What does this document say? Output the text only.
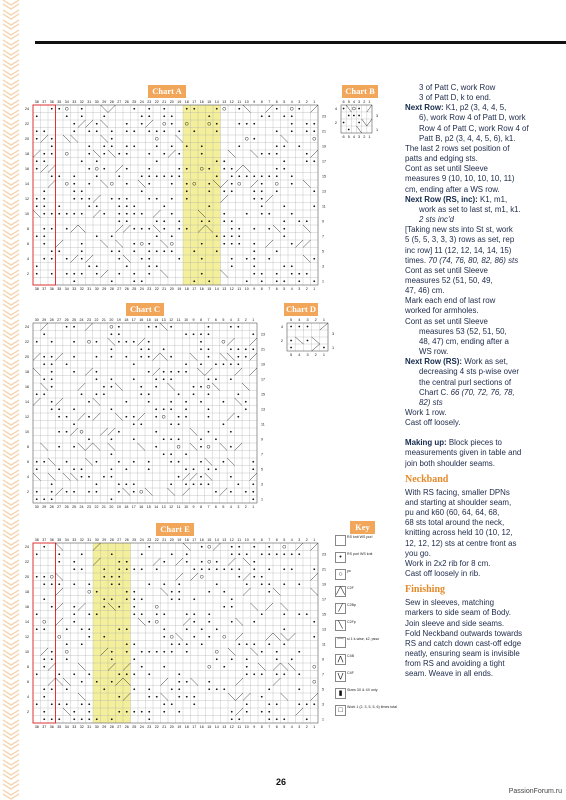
38
38
37
37
36
36
35
35
34
34
33
33
32
32
31
31
30
30
29
29
28
28
27
27
26
26
25
25
24
24
23
23
22
22
21
21
20
20
19
19
18
18
17
17
16
16
15
15
14
14
13
13
12
12
11
11
10
10
9
9
8
8
7
7
6
6
5
5
4
4
3
3
2
2
1
1
24
23
22
21
20
19
18
17
16
15
14
13
12
11
10
9
8
7
6
5
4
3
2
1
6
6
5
5
4
4
3
3
2
2
1
1
4
3
2
1
30
30
29
29
28
28
27
27
26
26
25
25
24
24
23
23
22
22
21
21
20
20
19
19
18
18
17
17
16
16
15
15
14
14
13
13
12
12
11
11
10
10
9
9
8
8
7
7
6
6
5
5
4
4
3
3
2
2
1
1
24
23
22
21
20
19
18
17
16
15
14
13
12
11
10
9
8
7
6
5
4
3
2
1
5
5
4
4
3
3
2
2
1
1
4
3
2
1
38
38
37
37
36
36
35
35
34
34
33
33
32
32
31
31
30
30
29
29
28
28
27
27
26
26
25
25
24
24
23
23
22
22
21
21
20
20
19
19
18
18
17
17
16
16
15
15
14
14
13
13
12
12
11
11
10
10
9
9
8
8
7
7
6
6
5
5
4
4
3
3
2
2
1
1
24
23
22
21
20
19
18
17
16
15
14
13
12
11
10
9
8
7
6
5
4
3
2
1
Chart A	Chart B
Chart C	Chart D
Chart E	Key
RS knit WS purl
•	RS purl WS knit
○	yo
╱╲ C2F
╱	C2Bp
╲	C2Fp
⌒ sl 1 k-wise, k2, psso
⋀	C4B
⋁	C4F
▮	Sizes 3X & 4X only
□	Work 1 (2, 3, 5, 5, 6) times total

3 of Patt C, work Row

3 of Patt D, k to end.

Next Row: K1, p2 (3, 4, 4, 5,

6), work Row 4 of Patt D, work

Row 4 of Patt C, work Row 4 of

Patt B, p2 (3, 4, 4, 5, 6), k1.

The last 2 rows set position of

patts and edging sts.

Cont as set until Sleeve

measures 9 (10, 10, 10, 10, 11)

cm, ending after a WS row.

Next Row (RS, inc): K1, m1,

work as set to last st, m1, k1.

2 sts inc'd

[Taking new sts into St st, work

5 (5, 5, 3, 3, 3) rows as set, rep

inc row] 11 (12, 12, 14, 14, 15)

times. 70 (74, 76, 80, 82, 86) sts

Cont as set until Sleeve

measures 52 (51, 50, 49,

47, 46) cm.

Mark each end of last row

worked for armholes.

Cont as set until Sleeve

measures 53 (52, 51, 50,

48, 47) cm, ending after a

WS row.

Next Row (RS): Work as set,

decreasing 4 sts p-wise over

the central purl sections of

Chart C. 66 (70, 72, 76, 78,

82) sts

Work 1 row.

Cast off loosely.

Making up: Block pieces to

measurements given in table and

join both shoulder seams.

Neckband

With RS facing, smaller DPNs

and starting at shoulder seam,

pu and k60 (60, 64, 64, 68,

68 sts total around the neck,

knitting across held 10 (10, 12,

12, 12, 12) sts at centre front as

you go.

Work in 2x2 rib for 8 cm.

Cast off loosely in rib.

Finishing

Sew in sleeves, matching

markers to side seam of Body.

Join sleeve and side seams.

Fold Neckband outwards towards

RS and catch down cast-off edge

neatly, ensuring seam is invisible

from RS and avoiding a tight

seam. Weave in all ends.

26
PassionForum.ru
